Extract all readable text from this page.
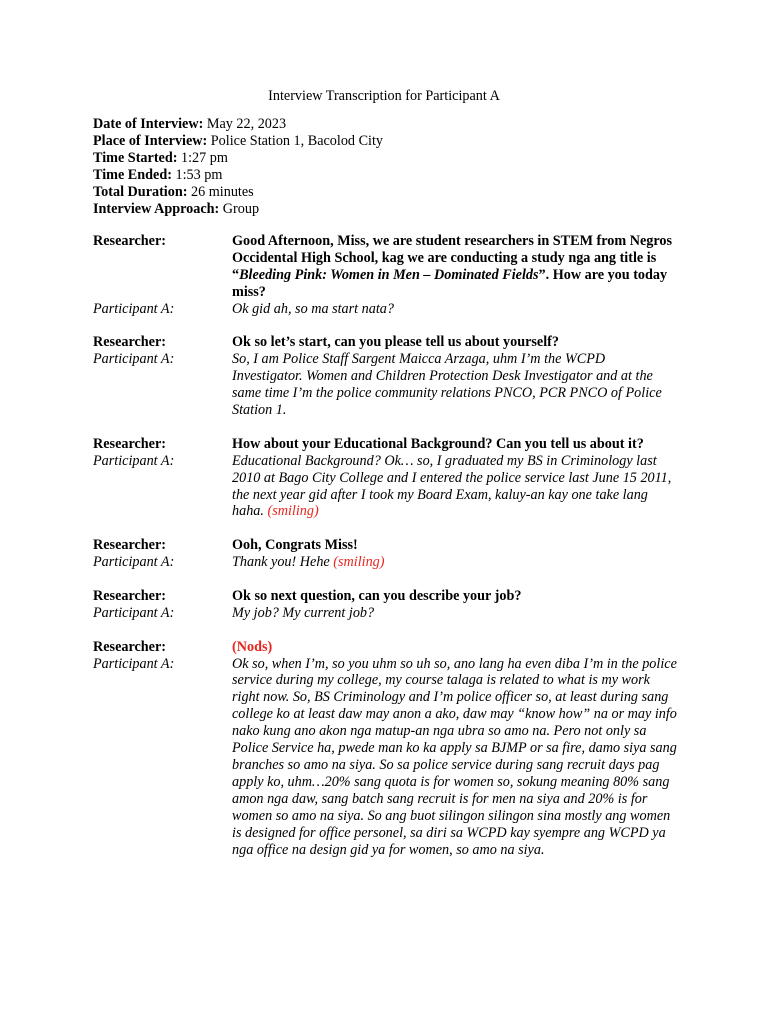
Interview Transcription for Participant A
Date of Interview: May 22, 2023
Place of Interview: Police Station 1, Bacolod City
Time Started: 1:27 pm
Time Ended: 1:53 pm
Total Duration: 26 minutes
Interview Approach: Group
Researcher:	Good Afternoon, Miss, we are student researchers in STEM from Negros Occidental High School, kag we are conducting a study nga ang title is “Bleeding Pink: Women in Men – Dominated Fields”. How are you today miss?
Participant A:	Ok gid ah, so ma start nata?
Researcher:	Ok so let’s start, can you please tell us about yourself?
Participant A:	So, I am Police Staff Sargent Maicca Arzaga, uhm I’m the WCPD Investigator. Women and Children Protection Desk Investigator and at the same time I’m the police community relations PNCO, PCR PNCO of Police Station 1.
Researcher:	How about your Educational Background? Can you tell us about it?
Participant A:	Educational Background? Ok… so, I graduated my BS in Criminology last 2010 at Bago City College and I entered the police service last June 15 2011, the next year gid after I took my Board Exam, kaluy-an kay one take lang haha. (smiling)
Researcher:	Ooh, Congrats Miss!
Participant A:	Thank you! Hehe (smiling)
Researcher:	Ok so next question, can you describe your job?
Participant A:	My job? My current job?
Researcher:	(Nods)
Participant A:	Ok so, when I’m, so you uhm so uh so, ano lang ha even diba I’m in the police service during my college, my course talaga is related to what is my work right now. So, BS Criminology and I’m police officer so, at least during sang college ko at least daw may anon a ako, daw may “know how” na or may info nako kung ano akon nga matup-an nga ubra so amo na. Pero not only sa Police Service ha, pwede man ko ka apply sa BJMP or sa fire, damo siya sang branches so amo na siya. So sa police service during sang recruit days pag apply ko, uhm…20% sang quota is for women so, sokung meaning 80% sang amon nga daw, sang batch sang recruit is for men na siya and 20% is for women so amo na siya. So ang buot silingon silingon sina mostly ang women is designed for office personel, sa diri sa WCPD kay syempre ang WCPD ya nga office na design gid ya for women, so amo na siya.
